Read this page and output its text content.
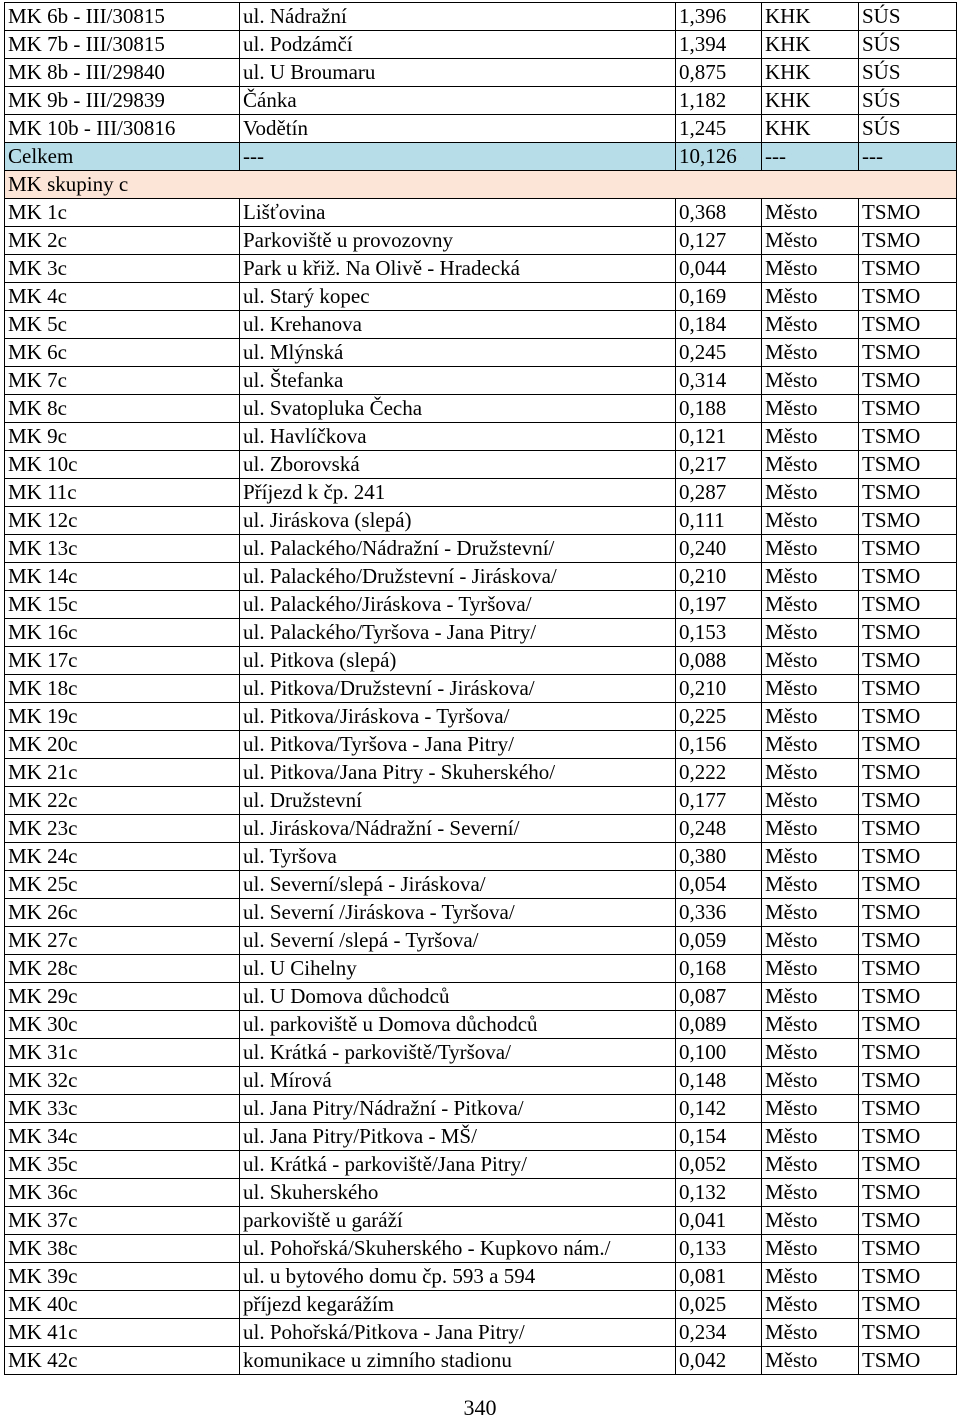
MK 6b - III/30815	ul. Nádražní	1,396	KHK	SÚS
MK 7b - III/30815	ul. Podzámčí	1,394	KHK	SÚS
MK 8b - III/29840	ul. U Broumaru	0,875	KHK	SÚS
MK 9b - III/29839	Čánka	1,182	KHK	SÚS
MK 10b - III/30816	Vodětín	1,245	KHK	SÚS
Celkem	---	10,126	---	---
MK skupiny c				
MK 1c	Lišťovina	0,368	Město	TSMO
MK 2c	Parkoviště u provozovny	0,127	Město	TSMO
MK 3c	Park u křiž. Na Olivě - Hradecká	0,044	Město	TSMO
MK 4c	ul. Starý kopec	0,169	Město	TSMO
MK 5c	ul. Krehanova	0,184	Město	TSMO
MK 6c	ul. Mlýnská	0,245	Město	TSMO
MK 7c	ul. Štefanka	0,314	Město	TSMO
MK 8c	ul. Svatopluka Čecha	0,188	Město	TSMO
MK 9c	ul. Havlíčkova	0,121	Město	TSMO
MK 10c	ul. Zborovská	0,217	Město	TSMO
MK 11c	Příjezd k čp. 241	0,287	Město	TSMO
MK 12c	ul. Jiráskova (slepá)	0,111	Město	TSMO
MK 13c	ul. Palackého/Nádražní - Družstevní/	0,240	Město	TSMO
MK 14c	ul. Palackého/Družstevní - Jiráskova/	0,210	Město	TSMO
MK 15c	ul. Palackého/Jiráskova - Tyršova/	0,197	Město	TSMO
MK 16c	ul. Palackého/Tyršova - Jana Pitry/	0,153	Město	TSMO
MK 17c	ul. Pitkova (slepá)	0,088	Město	TSMO
MK 18c	ul. Pitkova/Družstevní - Jiráskova/	0,210	Město	TSMO
MK 19c	ul. Pitkova/Jiráskova - Tyršova/	0,225	Město	TSMO
MK 20c	ul. Pitkova/Tyršova - Jana Pitry/	0,156	Město	TSMO
MK 21c	ul. Pitkova/Jana Pitry - Skuherského/	0,222	Město	TSMO
MK 22c	ul. Družstevní	0,177	Město	TSMO
MK 23c	ul. Jiráskova/Nádražní - Severní/	0,248	Město	TSMO
MK 24c	ul. Tyršova	0,380	Město	TSMO
MK 25c	ul. Severní/slepá - Jiráskova/	0,054	Město	TSMO
MK 26c	ul. Severní /Jiráskova - Tyršova/	0,336	Město	TSMO
MK 27c	ul. Severní /slepá - Tyršova/	0,059	Město	TSMO
MK 28c	ul. U Cihelny	0,168	Město	TSMO
MK 29c	ul. U Domova důchodců	0,087	Město	TSMO
MK 30c	ul. parkoviště u Domova důchodců	0,089	Město	TSMO
MK 31c	ul. Krátká - parkoviště/Tyršova/	0,100	Město	TSMO
MK 32c	ul. Mírová	0,148	Město	TSMO
MK 33c	ul. Jana Pitry/Nádražní - Pitkova/	0,142	Město	TSMO
MK 34c	ul. Jana Pitry/Pitkova - MŠ/	0,154	Město	TSMO
MK 35c	ul. Krátká - parkoviště/Jana Pitry/	0,052	Město	TSMO
MK 36c	ul. Skuherského	0,132	Město	TSMO
MK 37c	parkoviště u garáží	0,041	Město	TSMO
MK 38c	ul. Pohořská/Skuherského - Kupkovo nám./	0,133	Město	TSMO
MK 39c	ul. u bytového domu čp. 593 a 594	0,081	Město	TSMO
MK 40c	příjezd kegarážím	0,025	Město	TSMO
MK 41c	ul. Pohořská/Pitkova - Jana Pitry/	0,234	Město	TSMO
MK 42c	komunikace u zimního stadionu	0,042	Město	TSMO
340
